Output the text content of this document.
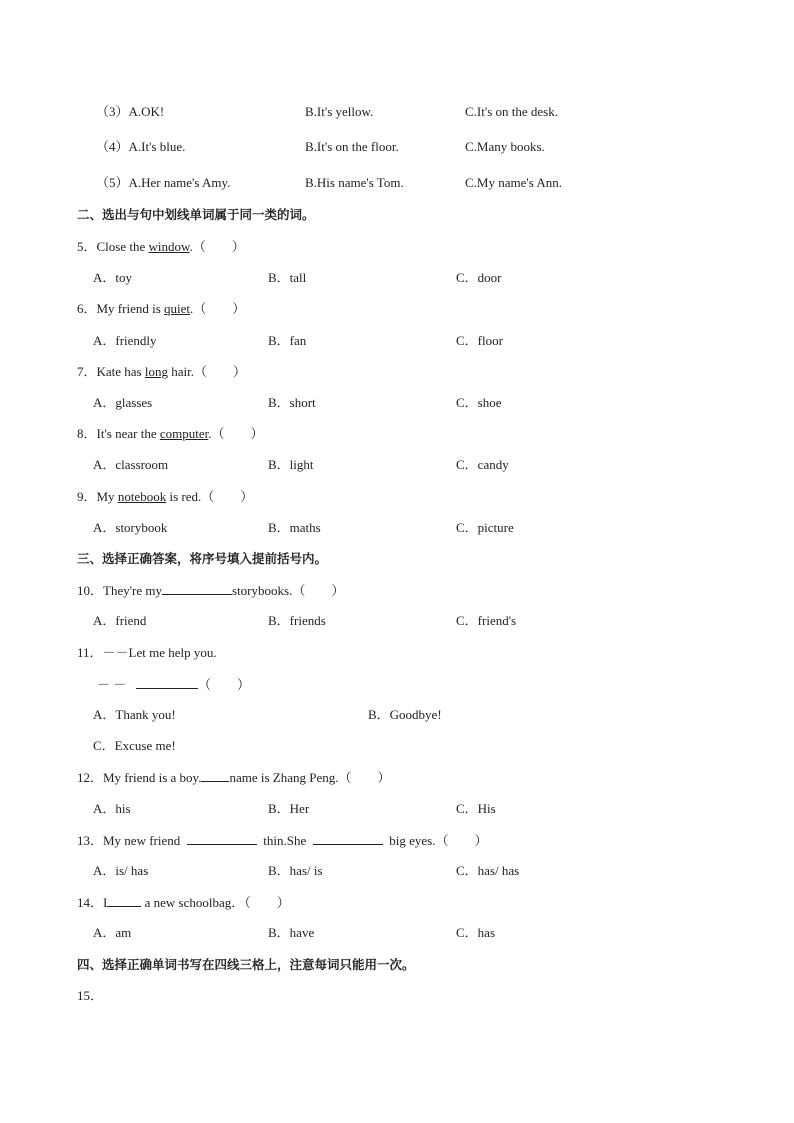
（3）A.OK!	B.It's yellow.	C.It's on the desk.
（4）A.It's blue.	B.It's on the floor.	C.Many books.
（5）A.Her name's Amy.	B.His name's Tom.	C.My name's Ann.
二、选出与句中划线单词属于同一类的词。
5．Close the window.（　　）
A．toy	B．tall	C．door
6．My friend is quiet.（　　）
A．friendly	B．fan	C．floor
7．Kate has long hair.（　　）
A．glasses	B．short	C．shoe
8．It's near the computer.（　　）
A．classroom	B．light	C．candy
9．My notebook is red.（　　）
A．storybook	B．maths	C．picture
三、选择正确答案，将序号填入提前括号内。
10．They're my	storybooks.（　　）
A．friend	B．friends	C．friend's
11．－－Let me help you.
－ －	（　　）
A．Thank you!	B．Goodbye!
C．Excuse me!
12．My friend is a boy. name is Zhang Peng.（　　）
A．his	B．Her	C．His
13．My new friend	thin.She	big eyes.（　　）
A．is/ has	B．has/ is	C．has/ has
14．I	a new schoolbag．（　　）
A．am	B．have	C．has
四、选择正确单词书写在四线三格上，注意每词只能用一次。
15．
